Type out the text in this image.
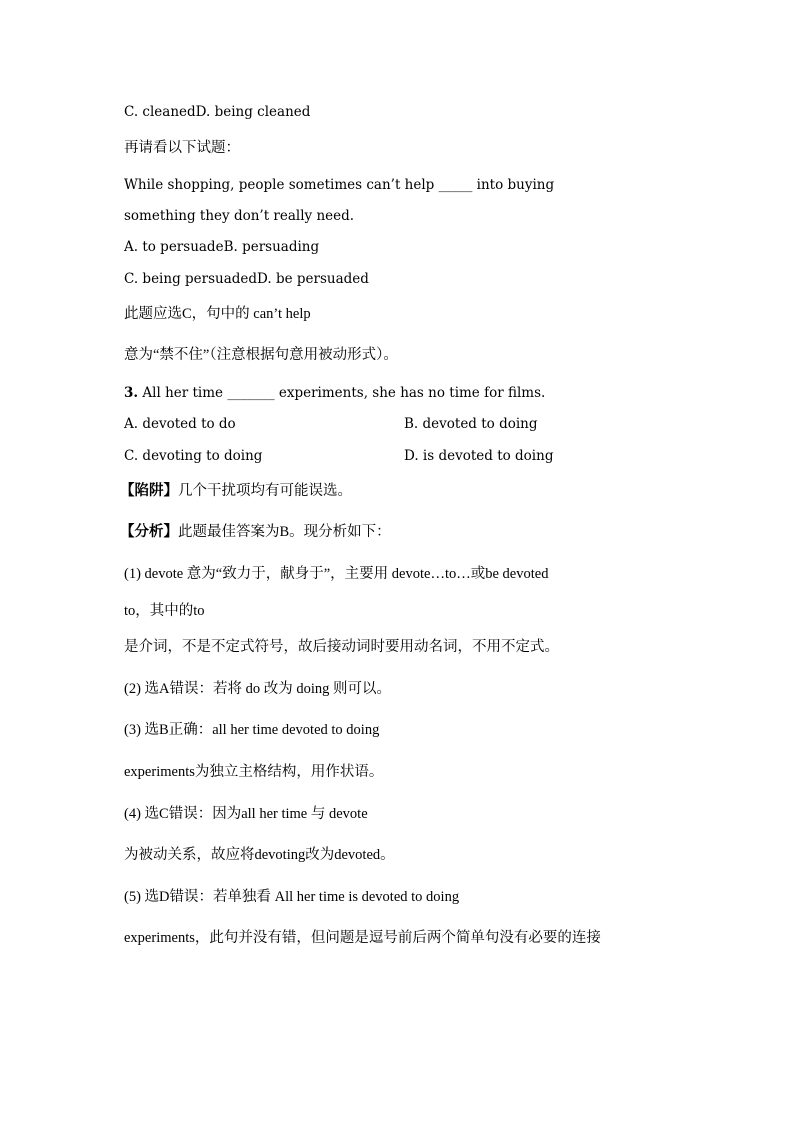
C. cleanedD. being cleaned
再请看以下试题：
While shopping, people sometimes can’t help _____ into buying
something they don’t really need.
A. to persuadeB. persuading
C. being persuadedD. be persuaded
此题应选C，句中的 can’t help
意为“禁不住”（注意根据句意用被动形式）。
3. All her time _______ experiments, she has no time for films.
A. devoted to do	B. devoted to doing
C. devoting to doing	D. is devoted to doing
【陷阱】几个干扰项均有可能误选。
【分析】此题最佳答案为B。现分析如下：
(1) devote 意为“致力于，献身于”，主要用 devote…to…或be devoted
to，其中的to
是介词，不是不定式符号，故后接动词时要用动名词，不用不定式。
(2) 选A错误：若将 do 改为 doing 则可以。
(3) 选B正确：all her time devoted to doing
experiments为独立主格结构，用作状语。
(4) 选C错误：因为all her time 与 devote
为被动关系，故应将devoting改为devoted。
(5) 选D错误：若单独看 All her time is devoted to doing
experiments，此句并没有错，但问题是逗号前后两个简单句没有必要的连接
